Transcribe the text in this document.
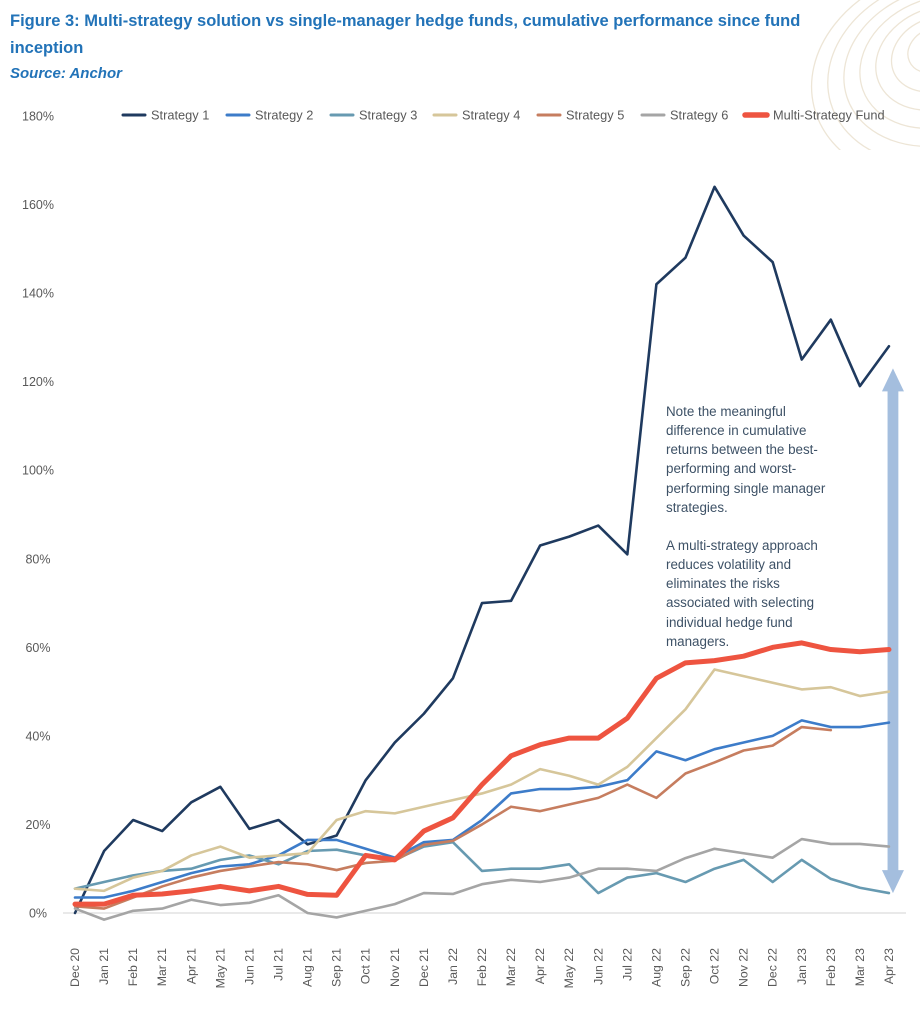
0%
20%
40%
60%
80%
100%
120%
140%
160%
180%
Dec 20 Jan 21 Feb 21 Mar 21 Apr 21 May 21 Jun 21 Jul 21 Aug 21 Sep 21 Oct 21 Nov 21 Dec 21 Jan 22 Feb 22 Mar 22 Apr 22 May 22 Jun 22 Jul 22 Aug 22 Sep 22 Oct 22 Nov 22 Dec 22 Jan 23 Feb 23 Mar 23 Apr 23
Strategy 1	Strategy 2	Strategy 3	Strategy 4	Strategy 5	Strategy 6	Multi-Strategy Fund
Figure 3: Multi-strategy solution vs single-manager hedge funds, cumulative performance since fund inception
Source: Anchor

Note the meaningful difference in cumulative returns between the best-performing and worst-performing single manager strategies.

A multi-strategy approach reduces volatility and eliminates the risks associated with selecting individual hedge fund managers.
